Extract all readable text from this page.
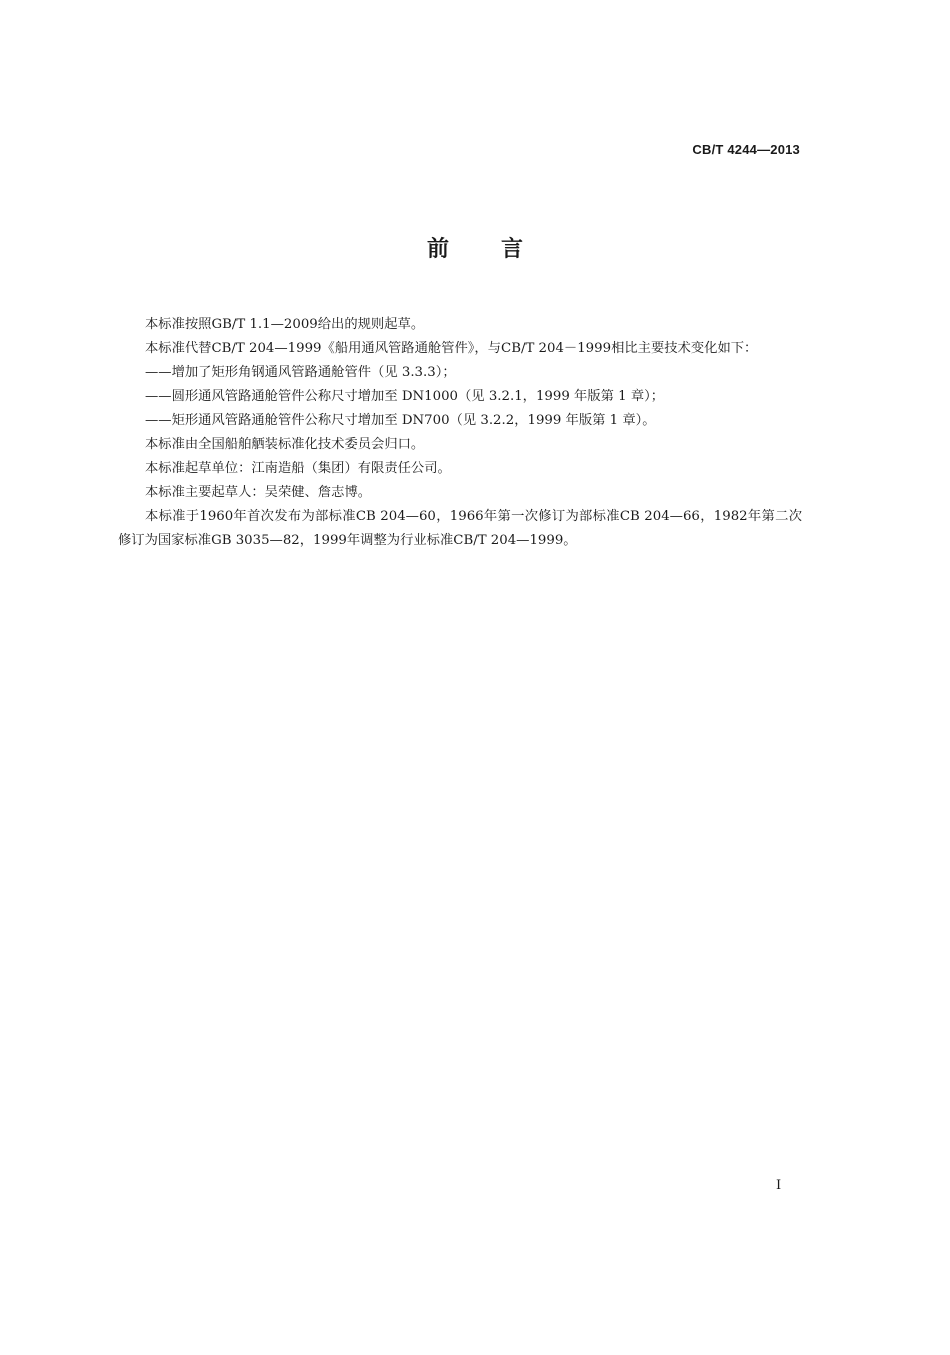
CB/T 4244—2013
前言

本标准按照GB/T 1.1—2009给出的规则起草。

本标准代替CB/T 204—1999《船用通风管路通舱管件》，与CB/T 204－1999相比主要技术变化如下：

——增加了矩形角钢通风管路通舱管件（见 3.3.3）；

——圆形通风管路通舱管件公称尺寸增加至 DN1000（见 3.2.1，1999 年版第 1 章）；

——矩形通风管路通舱管件公称尺寸增加至 DN700（见 3.2.2，1999 年版第 1 章）。

本标准由全国船舶舾装标准化技术委员会归口。

本标准起草单位：江南造船（集团）有限责任公司。

本标准主要起草人：吴荣健、詹志博。

本标准于1960年首次发布为部标准CB 204—60，1966年第一次修订为部标准CB 204—66，1982年第二次修订为国家标准GB 3035—82，1999年调整为行业标准CB/T 204—1999。

I
